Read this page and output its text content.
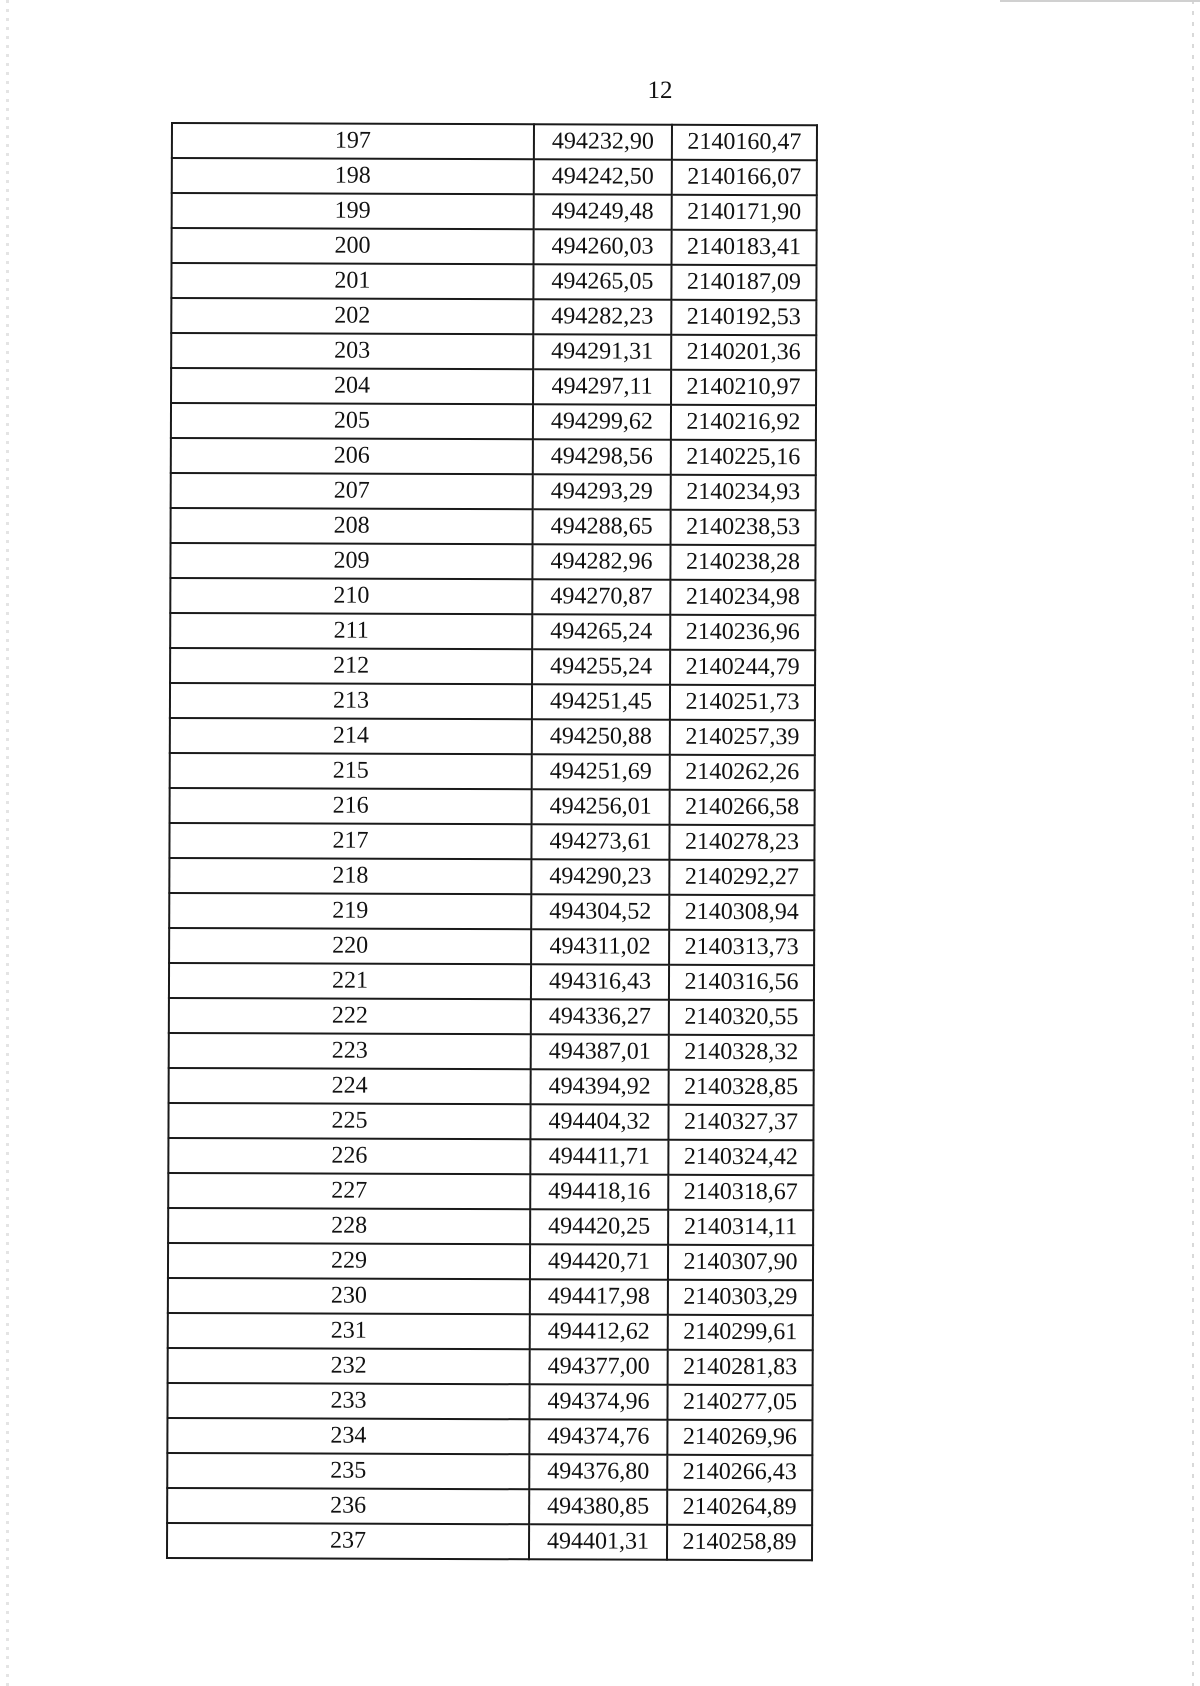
12
197	494232,90	2140160,47
198	494242,50	2140166,07
199	494249,48	2140171,90
200	494260,03	2140183,41
201	494265,05	2140187,09
202	494282,23	2140192,53
203	494291,31	2140201,36
204	494297,11	2140210,97
205	494299,62	2140216,92
206	494298,56	2140225,16
207	494293,29	2140234,93
208	494288,65	2140238,53
209	494282,96	2140238,28
210	494270,87	2140234,98
211	494265,24	2140236,96
212	494255,24	2140244,79
213	494251,45	2140251,73
214	494250,88	2140257,39
215	494251,69	2140262,26
216	494256,01	2140266,58
217	494273,61	2140278,23
218	494290,23	2140292,27
219	494304,52	2140308,94
220	494311,02	2140313,73
221	494316,43	2140316,56
222	494336,27	2140320,55
223	494387,01	2140328,32
224	494394,92	2140328,85
225	494404,32	2140327,37
226	494411,71	2140324,42
227	494418,16	2140318,67
228	494420,25	2140314,11
229	494420,71	2140307,90
230	494417,98	2140303,29
231	494412,62	2140299,61
232	494377,00	2140281,83
233	494374,96	2140277,05
234	494374,76	2140269,96
235	494376,80	2140266,43
236	494380,85	2140264,89
237	494401,31	2140258,89
